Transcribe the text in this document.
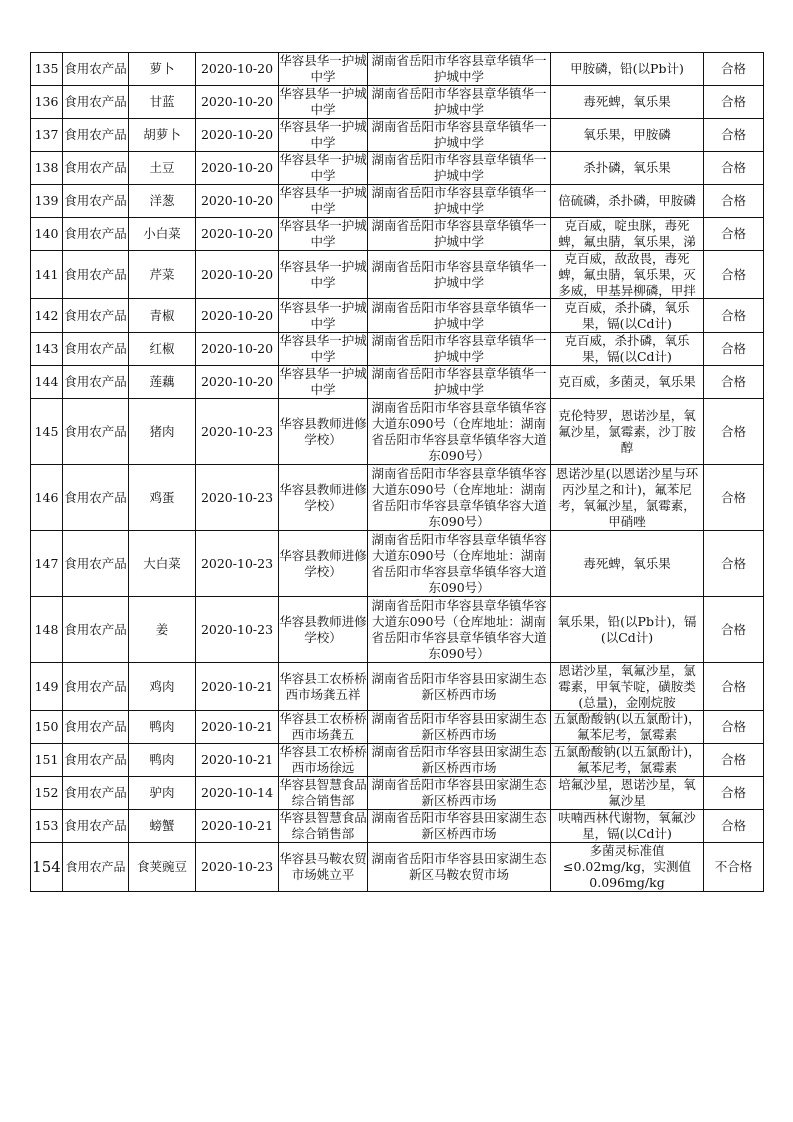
135	食用农产品	萝卜	2020-10-20	华容县华一护城中学	湖南省岳阳市华容县章华镇华一护城中学	甲胺磷，铅(以Pb计)	合格

136	食用农产品	甘蓝	2020-10-20	华容县华一护城中学	湖南省岳阳市华容县章华镇华一护城中学	毒死蜱，氧乐果	合格

137	食用农产品	胡萝卜	2020-10-20	华容县华一护城中学	湖南省岳阳市华容县章华镇华一护城中学	氧乐果，甲胺磷	合格

138	食用农产品	土豆	2020-10-20	华容县华一护城中学	湖南省岳阳市华容县章华镇华一护城中学	杀扑磷，氧乐果	合格

139	食用农产品	洋葱	2020-10-20	华容县华一护城中学	湖南省岳阳市华容县章华镇华一护城中学	倍硫磷，杀扑磷，甲胺磷	合格

140	食用农产品	小白菜	2020-10-20	华容县华一护城中学	湖南省岳阳市华容县章华镇华一护城中学	克百威，啶虫脒，毒死蜱，氟虫腈，氧乐果，涕	合格

141	食用农产品	芹菜	2020-10-20	华容县华一护城中学	湖南省岳阳市华容县章华镇华一护城中学	克百威，敌敌畏，毒死蜱，氟虫腈，氧乐果，灭多威，甲基异柳磷，甲拌	合格

142	食用农产品	青椒	2020-10-20	华容县华一护城中学	湖南省岳阳市华容县章华镇华一护城中学	克百威，杀扑磷，氧乐果，镉(以Cd计)	合格

143	食用农产品	红椒	2020-10-20	华容县华一护城中学	湖南省岳阳市华容县章华镇华一护城中学	克百威，杀扑磷，氧乐果，镉(以Cd计)	合格

144	食用农产品	莲藕	2020-10-20	华容县华一护城中学	湖南省岳阳市华容县章华镇华一护城中学	克百威，多菌灵，氧乐果	合格

145	食用农产品	猪肉	2020-10-23	华容县教师进修学校）	湖南省岳阳市华容县章华镇华容大道东090号（仓库地址：湖南省岳阳市华容县章华镇华容大道东090号）	克伦特罗，恩诺沙星，氧氟沙星，氯霉素，沙丁胺醇	合格

146	食用农产品	鸡蛋	2020-10-23	华容县教师进修学校）	湖南省岳阳市华容县章华镇华容大道东090号（仓库地址：湖南省岳阳市华容县章华镇华容大道东090号）	恩诺沙星(以恩诺沙星与环丙沙星之和计)，氟苯尼考，氧氟沙星，氯霉素，甲硝唑	合格

147	食用农产品	大白菜	2020-10-23	华容县教师进修学校）	湖南省岳阳市华容县章华镇华容大道东090号（仓库地址：湖南省岳阳市华容县章华镇华容大道东090号）	毒死蜱，氧乐果	合格

148	食用农产品	姜	2020-10-23	华容县教师进修学校）	湖南省岳阳市华容县章华镇华容大道东090号（仓库地址：湖南省岳阳市华容县章华镇华容大道东090号）	氧乐果，铅(以Pb计)，镉(以Cd计)	合格

149	食用农产品	鸡肉	2020-10-21	华容县工农桥桥西市场龚五祥	湖南省岳阳市华容县田家湖生态新区桥西市场	恩诺沙星，氧氟沙星，氯霉素，甲氧苄啶，磺胺类(总量)，金刚烷胺	合格

150	食用农产品	鸭肉	2020-10-21	华容县工农桥桥西市场龚五	湖南省岳阳市华容县田家湖生态新区桥西市场	五氯酚酸钠(以五氯酚计)，氟苯尼考，氯霉素	合格

151	食用农产品	鸭肉	2020-10-21	华容县工农桥桥西市场徐远	湖南省岳阳市华容县田家湖生态新区桥西市场	五氯酚酸钠(以五氯酚计)，氟苯尼考，氯霉素	合格

152	食用农产品	驴肉	2020-10-14	华容县智慧食品综合销售部	湖南省岳阳市华容县田家湖生态新区桥西市场	培氟沙星，恩诺沙星，氧氟沙星	合格

153	食用农产品	螃蟹	2020-10-21	华容县智慧食品综合销售部	湖南省岳阳市华容县田家湖生态新区桥西市场	呋喃西林代谢物，氧氟沙星，镉(以Cd计)	合格

154	食用农产品	食荚豌豆	2020-10-23	华容县马鞍农贸市场姚立平	湖南省岳阳市华容县田家湖生态新区马鞍农贸市场	多菌灵标准值≤0.02mg/kg，实测值0.096mg/kg	不合格
